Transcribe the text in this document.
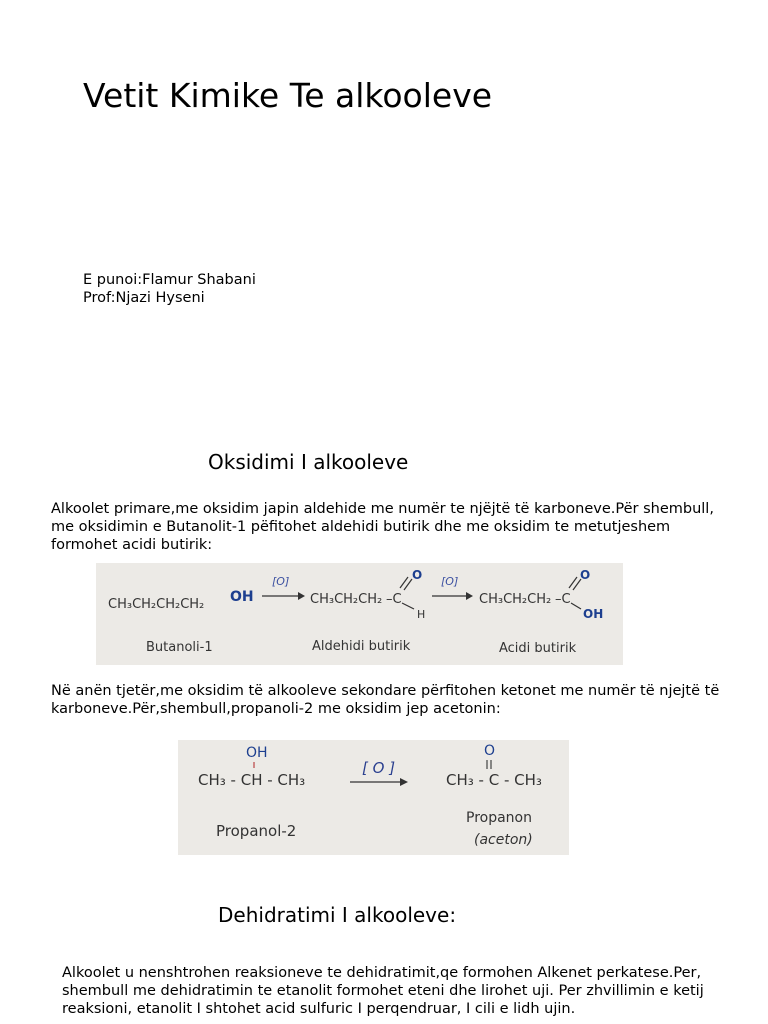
Vetit Kimike Te alkooleve
E punoi:Flamur Shabani
Prof:Njazi Hyseni
Oksidimi I alkooleve
Alkoolet primare,me oksidim japin aldehide me numër te njëjtë të karboneve.Për shembull, me oksidimin e Butanolit-1 pëfitohet aldehidi butirik dhe me oksidim te metutjeshem formohet acidi butirik:
CH₃CH₂CH₂CH₂ OH
[O]
CH₃CH₂CH₂ –C
O
H
[O]
CH₃CH₂CH₂ –C
O
OH
Butanoli-1	Aldehidi butirik	Acidi butirik
Në anën tjetër,me oksidim të alkooleve sekondare përfitohen ketonet me numër të njejtë të karboneve.Për,shembull,propanoli-2 me oksidim jep acetonin:
OH
CH₃ - CH - CH₃
[ O ]
O
CH₃ - C - CH₃
Propanol-2
Propanon
(aceton)
Dehidratimi I alkooleve:
Alkoolet u nenshtrohen reaksioneve te dehidratimit,qe formohen Alkenet perkatese.Per, shembull me dehidratimin te etanolit formohet eteni dhe lirohet uji. Per zhvillimin e ketij reaksioni, etanolit I shtohet acid sulfuric I perqendruar, I cili e lidh ujin.
